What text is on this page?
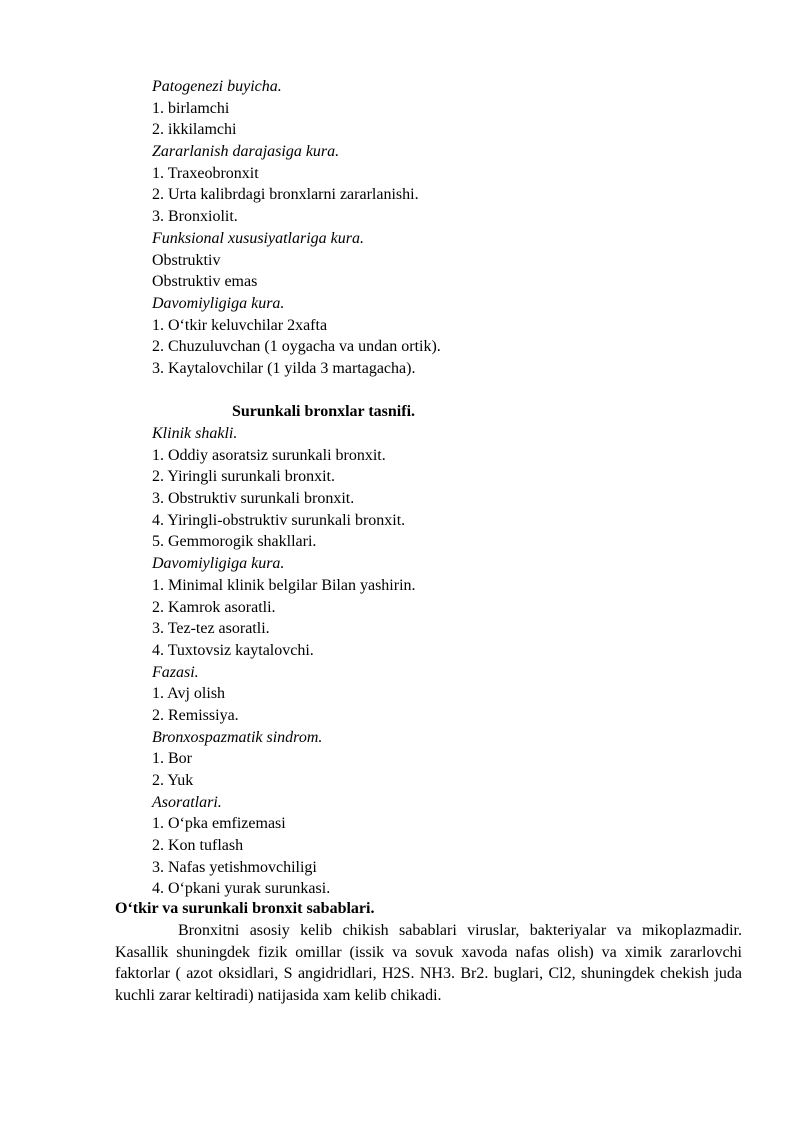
Patogenezi buyicha.
1. birlamchi
2. ikkilamchi
Zararlanish darajasiga kura.
1. Traxeobronxit
2. Urta kalibrdagi bronxlarni zararlanishi.
3. Bronxiolit.
Funksional xususiyatlariga kura.
Obstruktiv
Obstruktiv emas
Davomiyligiga kura.
1. O‘tkir keluvchilar 2xafta
2. Chuzuluvchan (1 oygacha va undan ortik).
3. Kaytalovchilar (1 yilda 3 martagacha).
Surunkali bronxlar tasnifi.
Klinik shakli.
1. Oddiy asoratsiz surunkali bronxit.
2. Yiringli surunkali bronxit.
3. Obstruktiv surunkali bronxit.
4. Yiringli-obstruktiv surunkali bronxit.
5. Gemmorogik shakllari.
Davomiyligiga kura.
1. Minimal klinik belgilar Bilan yashirin.
2. Kamrok asoratli.
3. Tez-tez asoratli.
4. Tuxtovsiz kaytalovchi.
Fazasi.
1. Avj olish
2. Remissiya.
Bronxospazmatik sindrom.
1. Bor
2. Yuk
Asoratlari.
1. O‘pka emfizemasi
2. Kon tuflash
3. Nafas yetishmovchiligi
4. O‘pkani yurak surunkasi.
O‘tkir va surunkali bronxit sabablari.
Bronxitni asosiy kelib chikish sabablari viruslar, bakteriyalar va mikoplazmadir. Kasallik shuningdek fizik omillar (issik va sovuk xavoda nafas olish) va ximik zararlovchi faktorlar ( azot oksidlari, S angidridlari, H2S. NH3. Br2. buglari, Cl2, shuningdek chekish juda kuchli zarar keltiradi) natijasida xam kelib chikadi.
